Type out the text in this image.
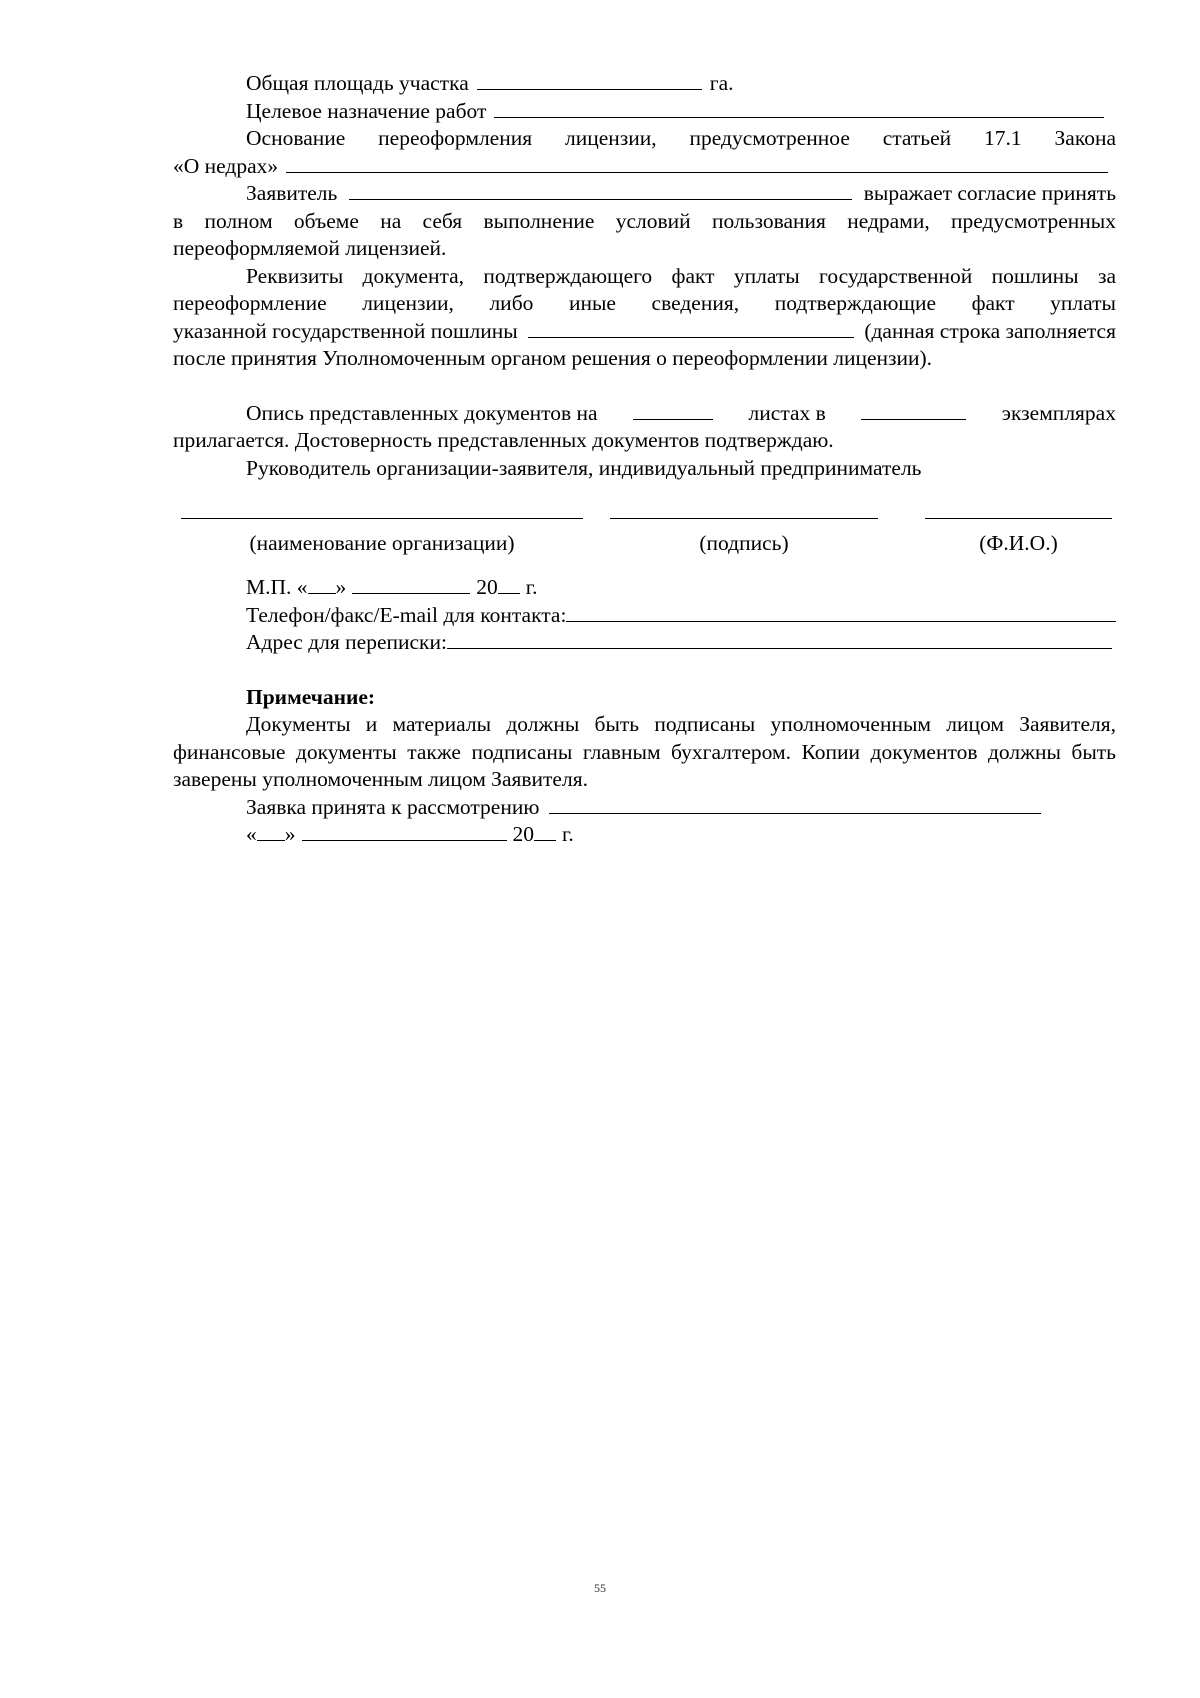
Общая площадь участка	га.
Целевое назначение работ

Основание переоформления лицензии, предусмотренное статьей 17.1 Закона

«О недрах»
Заявитель	выражает согласие принять

в полном объеме на себя выполнение условий пользования недрами, предусмотренных переоформляемой лицензией.

Реквизиты документа, подтверждающего факт уплаты государственной пошлины за переоформление лицензии, либо иные сведения, подтверждающие факт уплаты

указанной государственной пошлины	(данная строка заполняется

после принятия Уполномоченным органом решения о переоформлении лицензии).

Опись представленных документов на	листах в	экземплярах

прилагается. Достоверность представленных документов подтверждаю.

Руководитель организации-заявителя, индивидуальный предприниматель

(наименование организации)	(подпись)	(Ф.И.О.)
М.П. « »	20 г.
Телефон/факс/E-mail для контакта:
Адрес для переписки:

Примечание:

Документы и материалы должны быть подписаны уполномоченным лицом Заявителя, финансовые документы также подписаны главным бухгалтером. Копии документов должны быть заверены уполномоченным лицом Заявителя.

Заявка принята к рассмотрению
« »	20 г.
55
